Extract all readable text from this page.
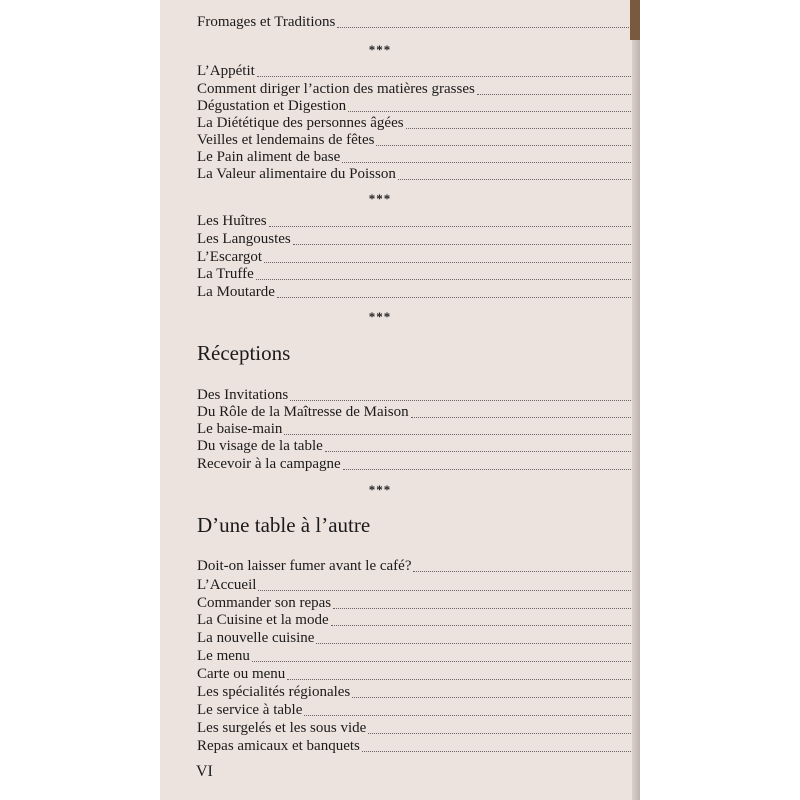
Fromages et Traditions
***
L’Appétit
Comment diriger l’action des matières grasses
Dégustation et Digestion
La Diététique des personnes âgées
Veilles et lendemains de fêtes
Le Pain aliment de base
La Valeur alimentaire du Poisson
***
Les Huîtres
Les Langoustes
L’Escargot
La Truffe
La Moutarde
***
Réceptions
Des Invitations
Du Rôle de la Maîtresse de Maison
Le baise-main
Du visage de la table
Recevoir à la campagne
***
D’une table à l’autre
Doit-on laisser fumer avant le café?
L’Accueil
Commander son repas
La Cuisine et la mode
La nouvelle cuisine
Le menu
Carte ou menu
Les spécialités régionales
Le service à table
Les surgelés et les sous vide
Repas amicaux et banquets
VI
